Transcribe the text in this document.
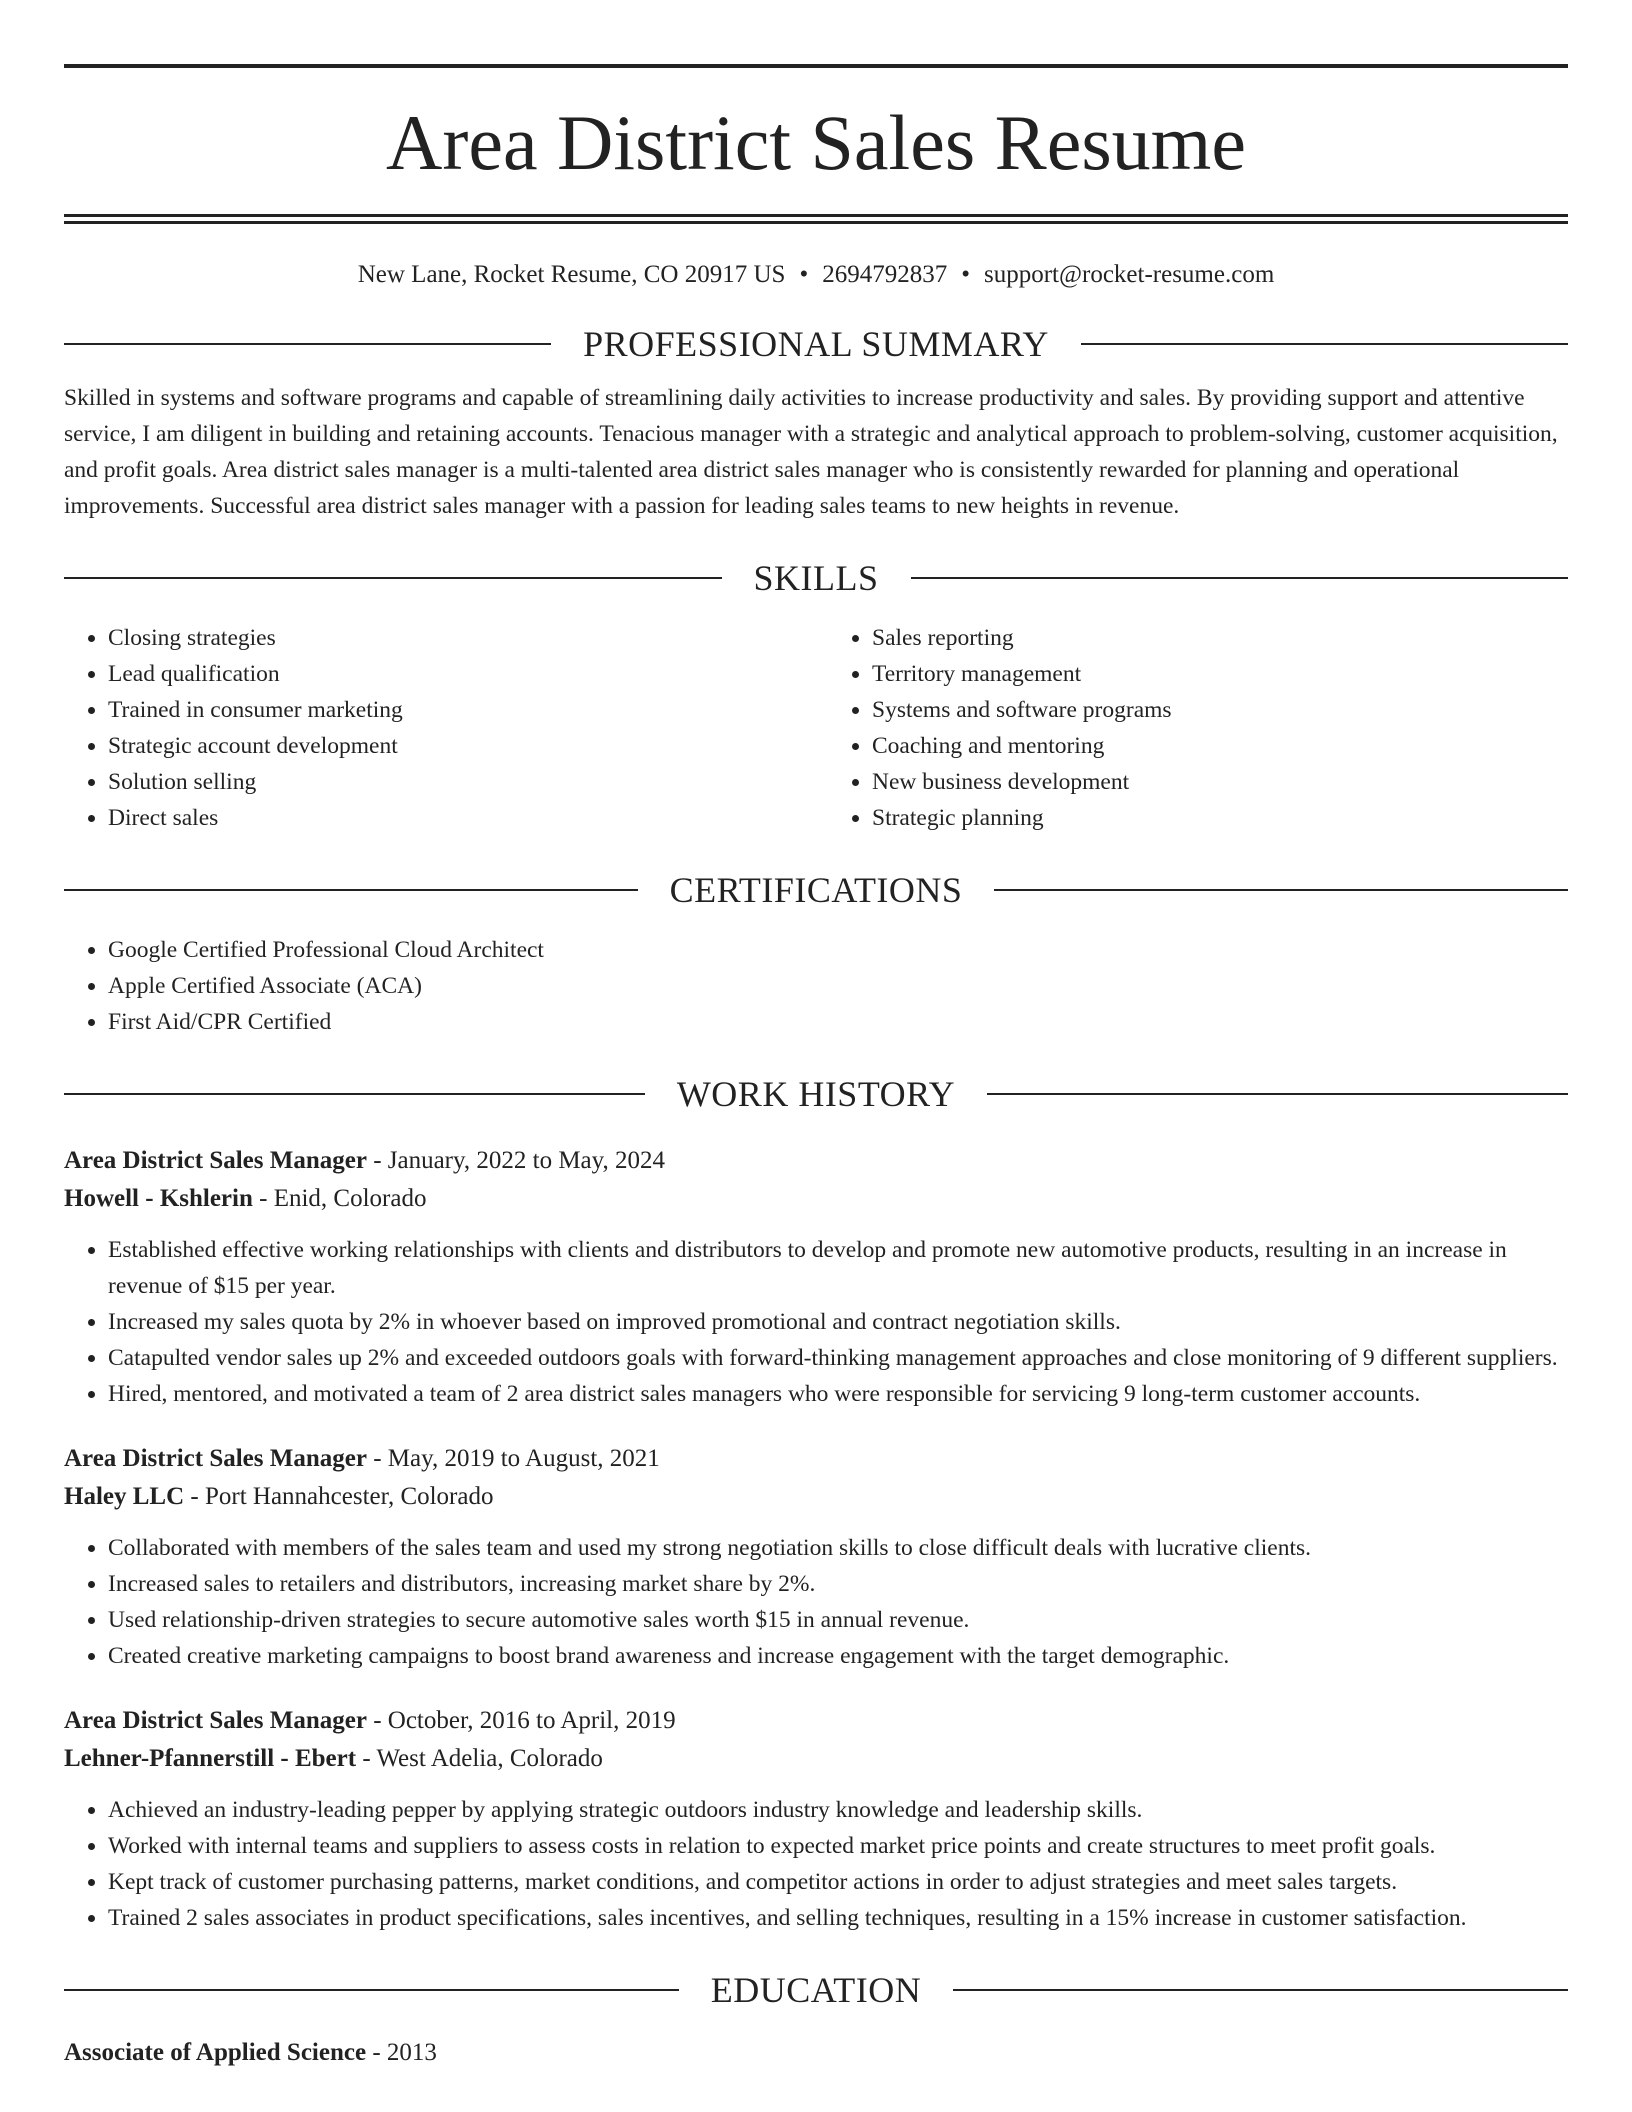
Area District Sales Resume
New Lane, Rocket Resume, CO 20917 US • 2694792837 • support@rocket-resume.com
PROFESSIONAL SUMMARY
Skilled in systems and software programs and capable of streamlining daily activities to increase productivity and sales. By providing support and attentive service, I am diligent in building and retaining accounts. Tenacious manager with a strategic and analytical approach to problem-solving, customer acquisition, and profit goals. Area district sales manager is a multi-talented area district sales manager who is consistently rewarded for planning and operational improvements. Successful area district sales manager with a passion for leading sales teams to new heights in revenue.
SKILLS
• Closing strategies
• Lead qualification
• Trained in consumer marketing
• Strategic account development
• Solution selling
• Direct sales
• Sales reporting
• Territory management
• Systems and software programs
• Coaching and mentoring
• New business development
• Strategic planning
CERTIFICATIONS
• Google Certified Professional Cloud Architect
• Apple Certified Associate (ACA)
• First Aid/CPR Certified
WORK HISTORY
Area District Sales Manager - January, 2022 to May, 2024
Howell - Kshlerin - Enid, Colorado
• Established effective working relationships with clients and distributors to develop and promote new automotive products, resulting in an increase in revenue of $15 per year.
• Increased my sales quota by 2% in whoever based on improved promotional and contract negotiation skills.
• Catapulted vendor sales up 2% and exceeded outdoors goals with forward-thinking management approaches and close monitoring of 9 different suppliers.
• Hired, mentored, and motivated a team of 2 area district sales managers who were responsible for servicing 9 long-term customer accounts.
Area District Sales Manager - May, 2019 to August, 2021
Haley LLC - Port Hannahcester, Colorado
• Collaborated with members of the sales team and used my strong negotiation skills to close difficult deals with lucrative clients.
• Increased sales to retailers and distributors, increasing market share by 2%.
• Used relationship-driven strategies to secure automotive sales worth $15 in annual revenue.
• Created creative marketing campaigns to boost brand awareness and increase engagement with the target demographic.
Area District Sales Manager - October, 2016 to April, 2019
Lehner-Pfannerstill - Ebert - West Adelia, Colorado
• Achieved an industry-leading pepper by applying strategic outdoors industry knowledge and leadership skills.
• Worked with internal teams and suppliers to assess costs in relation to expected market price points and create structures to meet profit goals.
• Kept track of customer purchasing patterns, market conditions, and competitor actions in order to adjust strategies and meet sales targets.
• Trained 2 sales associates in product specifications, sales incentives, and selling techniques, resulting in a 15% increase in customer satisfaction.
EDUCATION
Associate of Applied Science - 2013
